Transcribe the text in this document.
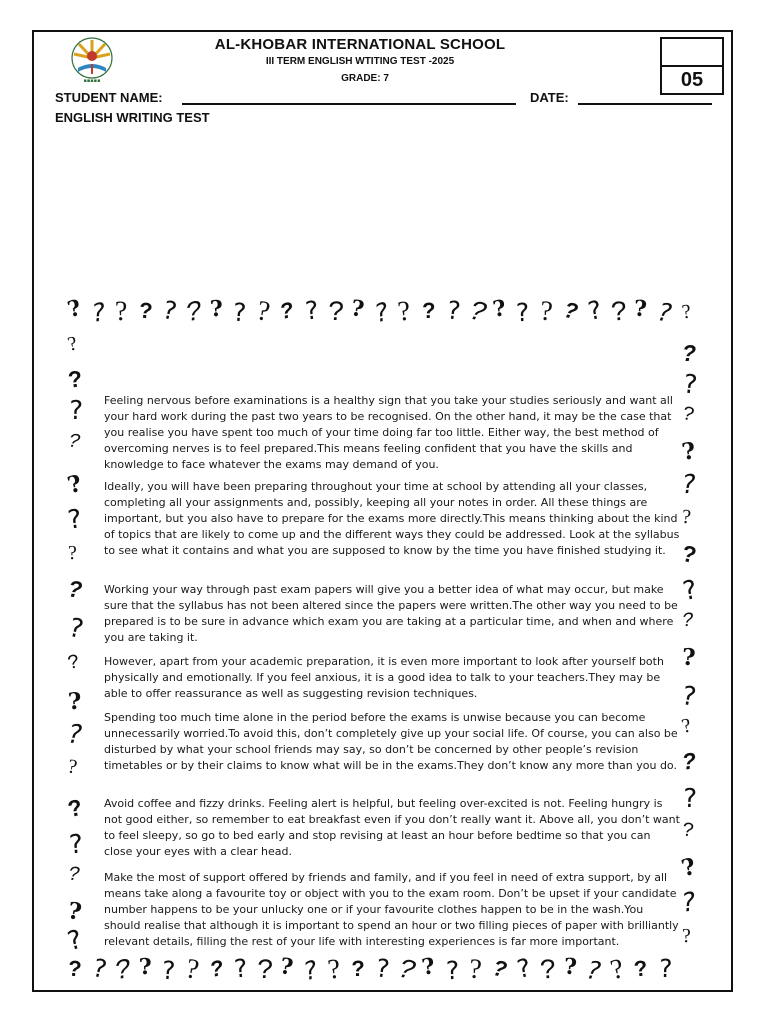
▪▪▪▪▪
AL-KHOBAR INTERNATIONAL SCHOOL
III TERM ENGLISH WTITING TEST -2025
GRADE: 7	05
STUDENT NAME:	DATE:
ENGLISH WRITING TEST
? ? ? ? ? ? ? ? ? ? ? ? ? ? ? ? ? ? ? ? ? ? ? ? ? ?
?
?
?
?
?
?
?
?
?
?
?
?
?
?
?
?
?
?
?
?
?
?
?
?
?
?
?
?
?
?
?
?
?
?
?
?
?
? ? ? ? ? ? ? ? ? ? ? ? ? ? ? ? ? ? ? ? ? ? ? ? ? ?
Feeling nervous before examinations is a healthy sign that you take your studies seriously and want all your hard work during the past two years to be recognised. On the other hand, it may be the case that you realise you have spent too much of your time doing far too little. Either way, the best method of overcoming nerves is to feel prepared.This means feeling confident that you have the skills and knowledge to face whatever the exams may demand of you.
Ideally, you will have been preparing throughout your time at school by attending all your classes, completing all your assignments and, possibly, keeping all your notes in order. All these things are important, but you also have to prepare for the exams more directly.This means thinking about the kind of topics that are likely to come up and the different ways they could be addressed. Look at the syllabus to see what it contains and what you are supposed to know by the time you have finished studying it.
Working your way through past exam papers will give you a better idea of what may occur, but make sure that the syllabus has not been altered since the papers were written.The other way you need to be prepared is to be sure in advance which exam you are taking at a particular time, and when and where you are taking it.
However, apart from your academic preparation, it is even more important to look after yourself both physically and emotionally. If you feel anxious, it is a good idea to talk to your teachers.They may be able to offer reassurance as well as suggesting revision techniques.
Spending too much time alone in the period before the exams is unwise because you can become unnecessarily worried.To avoid this, don’t completely give up your social life. Of course, you can also be disturbed by what your school friends may say, so don’t be concerned by other people’s revision timetables or by their claims to know what will be in the exams.They don’t know any more than you do.
Avoid coffee and fizzy drinks. Feeling alert is helpful, but feeling over-excited is not. Feeling hungry is not good either, so remember to eat breakfast even if you don’t really want it. Above all, you don’t want to feel sleepy, so go to bed early and stop revising at least an hour before bedtime so that you can close your eyes with a clear head.
Make the most of support offered by friends and family, and if you feel in need of extra support, by all means take along a favourite toy or object with you to the exam room. Don’t be upset if your candidate number happens to be your unlucky one or if your favourite clothes happen to be in the wash.You should realise that although it is important to spend an hour or two filling pieces of paper with brilliantly relevant details, filling the rest of your life with interesting experiences is far more important.
